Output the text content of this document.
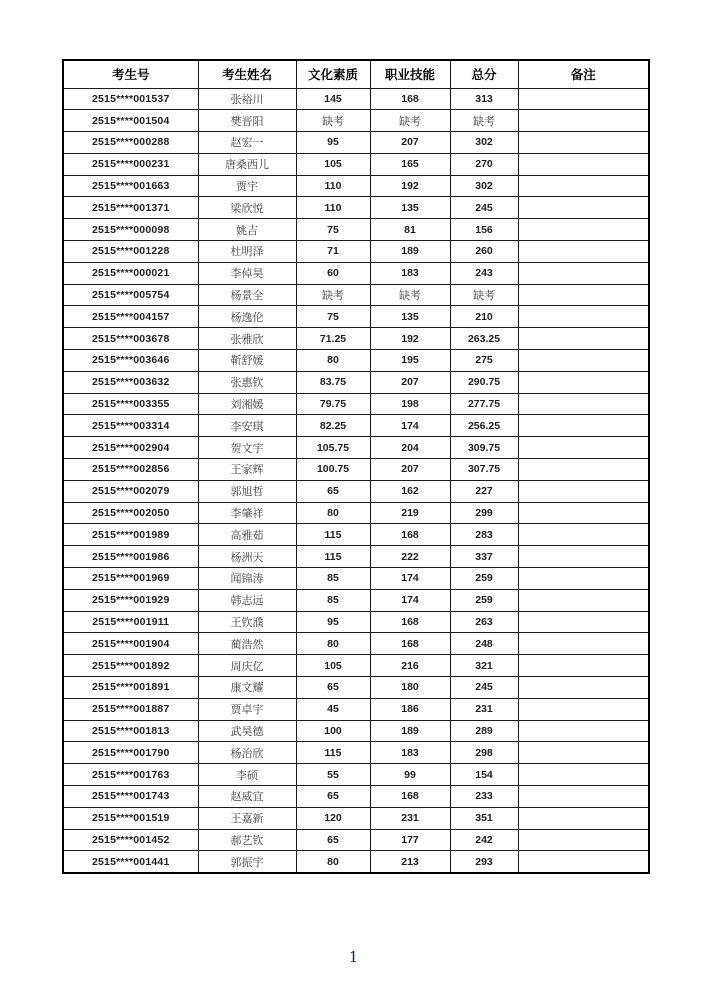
考生号	考生姓名	文化素质	职业技能	总分	备注
2515****001537	张裕川	145	168	313	
2515****001504	樊晋阳	缺考	缺考	缺考	
2515****000288	赵宏一	95	207	302	
2515****000231	唐桑西儿	105	165	270	
2515****001663	贾宇	110	192	302	
2515****001371	梁欣悦	110	135	245	
2515****000098	姚吉	75	81	156	
2515****001228	杜明泽	71	189	260	
2515****000021	李倬昊	60	183	243	
2515****005754	杨景全	缺考	缺考	缺考	
2515****004157	杨逸伦	75	135	210	
2515****003678	张雅欣	71.25	192	263.25	
2515****003646	靳舒媛	80	195	275	
2515****003632	张惠钦	83.75	207	290.75	
2515****003355	刘湘媛	79.75	198	277.75	
2515****003314	李安琪	82.25	174	256.25	
2515****002904	贺文宇	105.75	204	309.75	
2515****002856	王家辉	100.75	207	307.75	
2515****002079	郭旭哲	65	162	227	
2515****002050	李肇祥	80	219	299	
2515****001989	高雅茹	115	168	283	
2515****001986	杨洲天	115	222	337	
2515****001969	闻锦涛	85	174	259	
2515****001929	韩志远	85	174	259	
2515****001911	王钦濮	95	168	263	
2515****001904	蔺浩然	80	168	248	
2515****001892	周庆亿	105	216	321	
2515****001891	康文耀	65	180	245	
2515****001887	贾卓宇	45	186	231	
2515****001813	武昊德	100	189	289	
2515****001790	杨治欣	115	183	298	
2515****001763	李硕	55	99	154	
2515****001743	赵威宜	65	168	233	
2515****001519	王嘉新	120	231	351	
2515****001452	郝艺钦	65	177	242	
2515****001441	郭振宇	80	213	293	
1
